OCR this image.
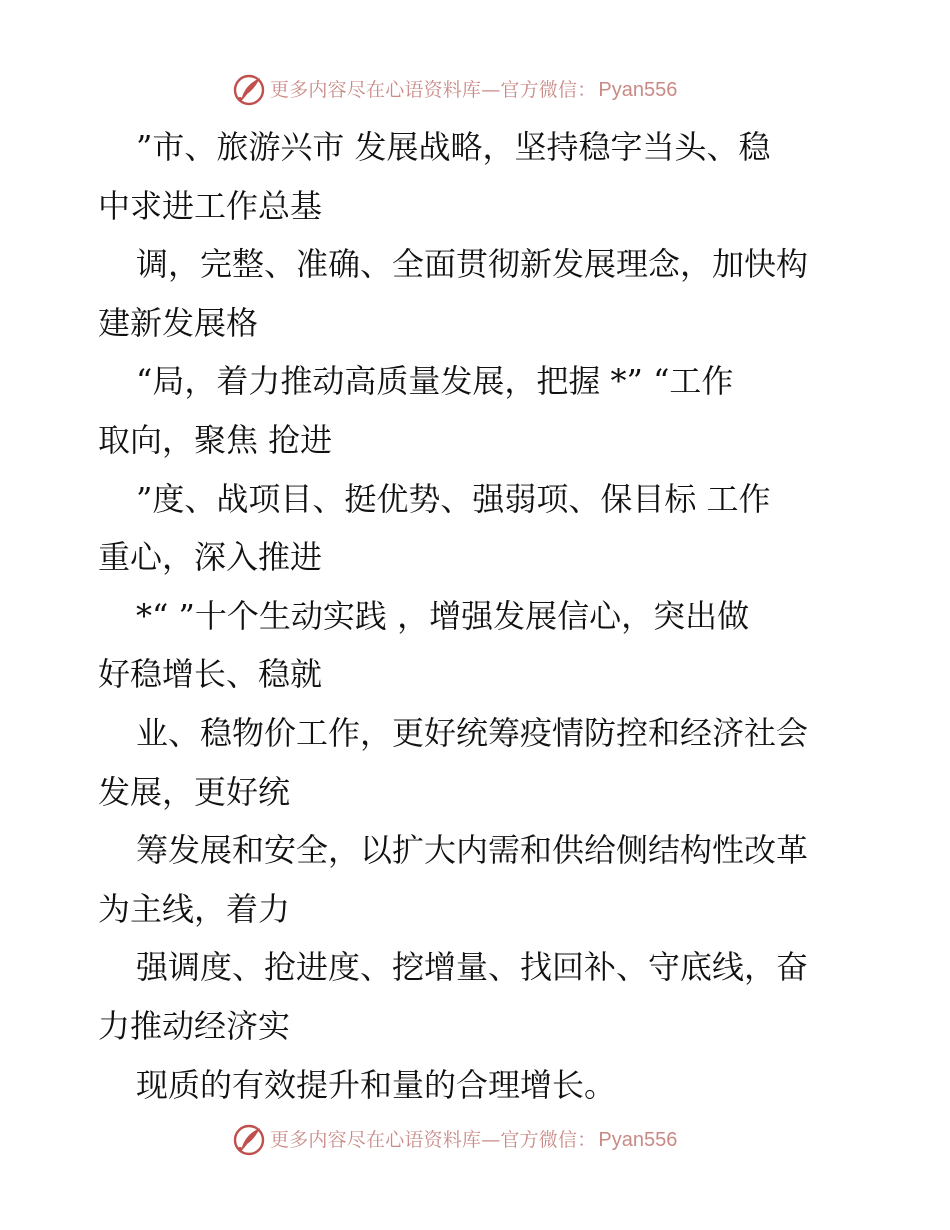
更多内容尽在心语资料库—官方微信： Pyan556
”市、旅游兴市 发展战略，坚持稳字当头、稳
中求进工作总基
调，完整、准确、全面贯彻新发展理念，加快构
建新发展格
“局，着力推动高质量发展，把握 *” “工作
取向，聚焦 抢进
”度、战项目、挺优势、强弱项、保目标 工作
重心，深入推进
*“ ”十个生动实践 ，增强发展信心，突出做
好稳增长、稳就
业、稳物价工作，更好统筹疫情防控和经济社会
发展，更好统
筹发展和安全，以扩大内需和供给侧结构性改革
为主线，着力
强调度、抢进度、挖增量、找回补、守底线，奋
力推动经济实
现质的有效提升和量的合理增长。
更多内容尽在心语资料库—官方微信： Pyan556
